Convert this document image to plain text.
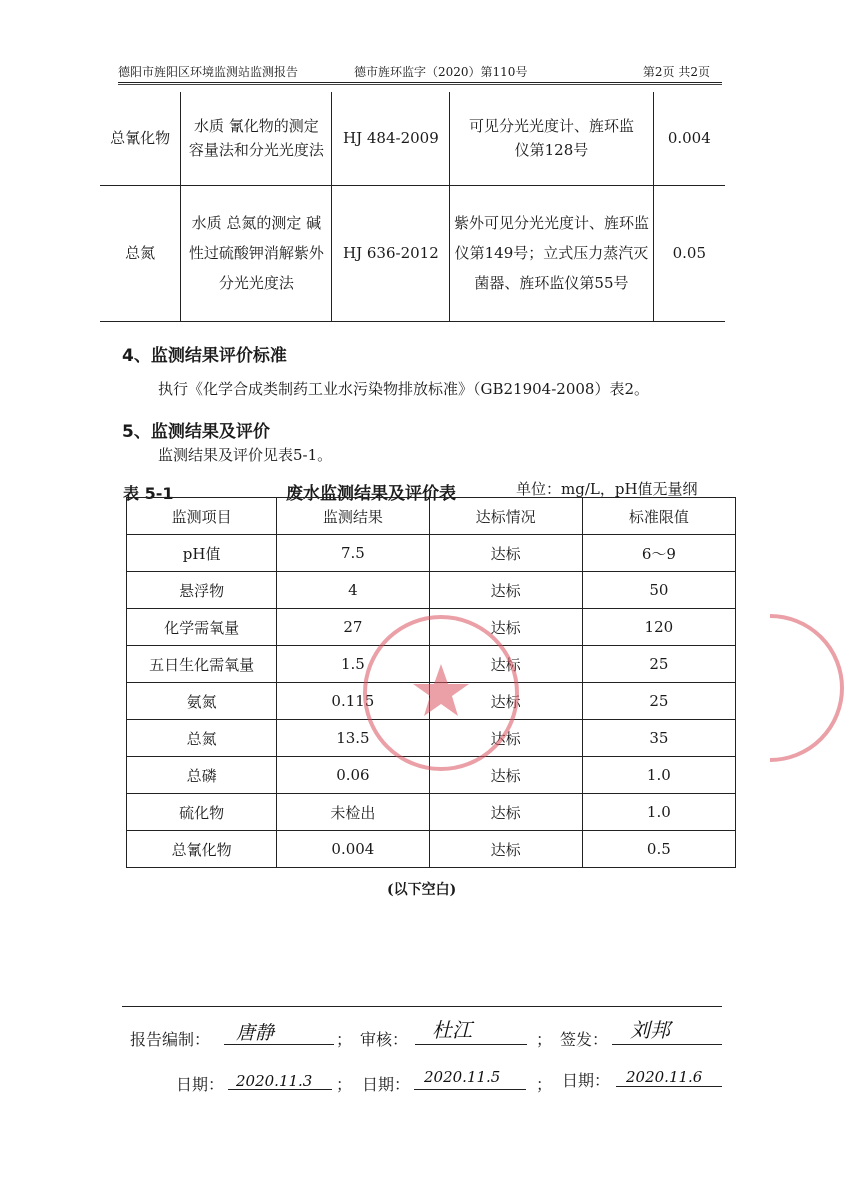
德阳市旌阳区环境监测站监测报告	德市旌环监字（2020）第110号	第2页 共2页
总氰化物	水质 氰化物的测定 容量法和分光光度法	HJ 484-2009	可见分光光度计、旌环监仪第128号	0.004
总氮	水质 总氮的测定 碱性过硫酸钾消解紫外分光光度法	HJ 636-2012	紫外可见分光光度计、旌环监仪第149号；立式压力蒸汽灭菌器、旌环监仪第55号	0.05
4、监测结果评价标准
执行《化学合成类制药工业水污染物排放标准》（GB21904-2008）表2。
5、监测结果及评价
监测结果及评价见表5-1。
表 5-1	废水监测结果及评价表	单位：mg/L，pH值无量纲
监测项目	监测结果	达标情况	标准限值
pH值	7.5	达标	6～9
悬浮物	4	达标	50
化学需氧量	27	达标	120
五日生化需氧量	1.5	达标	25
氨氮	0.115	达标	25
总氮	13.5	达标	35
总磷	0.06	达标	1.0
硫化物	未检出	达标	1.0
总氰化物	0.004	达标	0.5
(以下空白)
报告编制： 唐静	； 审核： 杜江	； 签发： 刘邦
日期： 2020.11.3 ； 日期： 2020.11.5 ； 日期： 2020.11.6
